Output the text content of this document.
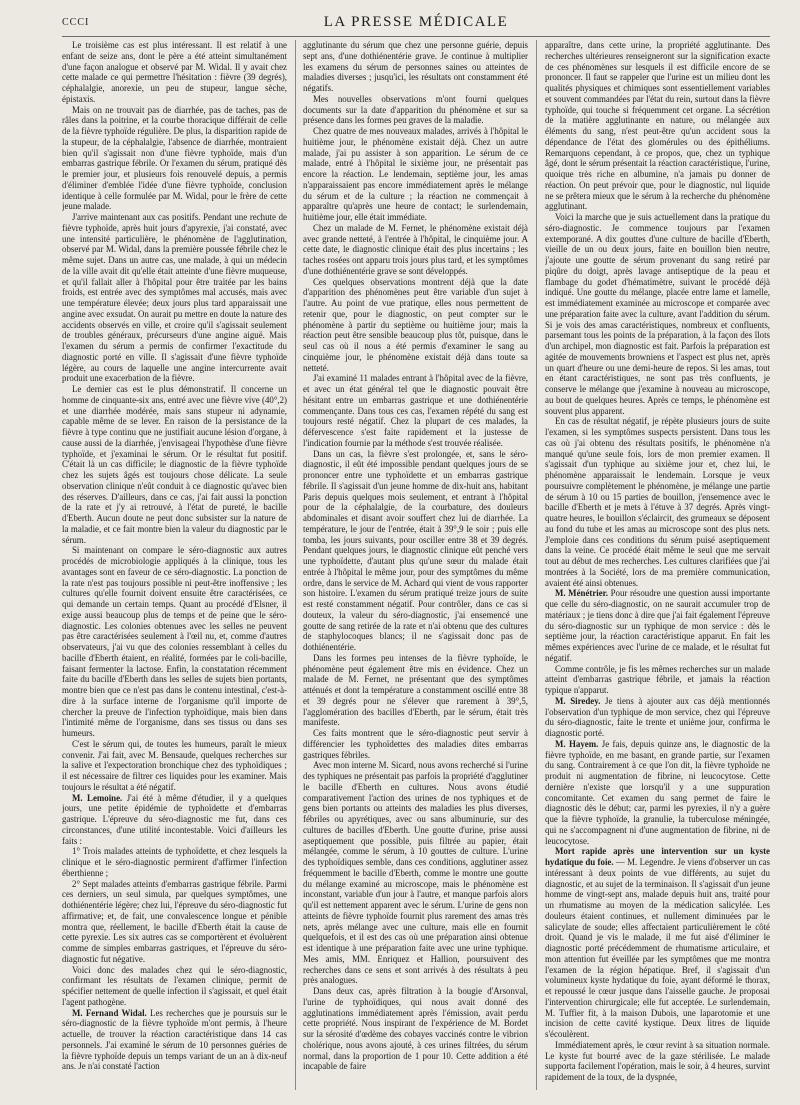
CCCI	LA PRESSE MÉDICALE

Le troisième cas est plus intéressant. Il est relatif à une enfant de seize ans, dont le père a été atteint simultanément d'une façon analogue et observé par M. Widal. Il y avait chez cette malade ce qui permettre l'hésitation : fièvre (39 degrés), céphalalgie, anorexie, un peu de stupeur, langue sèche, épistaxis.

Mais on ne trouvait pas de diarrhée, pas de taches, pas de râles dans la poitrine, et la courbe thoracique différait de celle de la fièvre typhoïde régulière. De plus, la disparition rapide de la stupeur, de la céphalalgie, l'absence de diarrhée, montraient bien qu'il s'agissait non d'une fièvre typhoïde, mais d'un embarras gastrique fébrile. Or l'examen du sérum, pratiqué dès le premier jour, et plusieurs fois renouvelé depuis, a permis d'éliminer d'emblée l'idée d'une fièvre typhoïde, conclusion identique à celle formulée par M. Widal, pour le frère de cette jeune malade.

J'arrive maintenant aux cas positifs. Pendant une rechute de fièvre typhoïde, après huit jours d'apyrexie, j'ai constaté, avec une intensité particulière, le phénomène de l'agglutination, observé par M. Widal, dans la première poussée fébrile chez le même sujet. Dans un autre cas, une malade, à qui un médecin de la ville avait dit qu'elle était atteinte d'une fièvre muqueuse, et qu'il fallait aller à l'hôpital pour être traitée par les bains froids, est entrée avec des symptômes mal accusés, mais avec une température élevée; deux jours plus tard apparaissait une angine avec exsudat. On aurait pu mettre en doute la nature des accidents observés en ville, et croire qu'il s'agissait seulement de troubles généraux, précurseurs d'une angine aiguë. Mais l'examen du sérum a permis de confirmer l'exactitude du diagnostic porté en ville. Il s'agissait d'une fièvre typhoïde légère, au cours de laquelle une angine intercurrente avait produit une exacerbation de la fièvre.

Le dernier cas est le plus démonstratif. Il concerne un homme de cinquante-six ans, entré avec une fièvre vive (40°,2) et une diarrhée modérée, mais sans stupeur ni adynamie, capable même de se lever. En raison de la persistance de la fièvre à type continu que ne justifiait aucune lésion d'organe, à cause aussi de la diarrhée, j'envisageai l'hypothèse d'une fièvre typhoïde, et j'examinai le sérum. Or le résultat fut positif. C'était là un cas difficile; le diagnostic de la fièvre typhoïde chez les sujets âgés est toujours chose délicate. La seule observation clinique n'eût conduit à ce diagnostic qu'avec bien des réserves. D'ailleurs, dans ce cas, j'ai fait aussi la ponction de la rate et j'y ai retrouvé, à l'état de pureté, le bacille d'Eberth. Aucun doute ne peut donc subsister sur la nature de la maladie, et ce fait montre bien la valeur du diagnostic par le sérum.

Si maintenant on compare le séro-diagnostic aux autres procédés de microbiologie appliqués à la clinique, tous les avantages sont en faveur de ce séro-diagnostic. La ponction de la rate n'est pas toujours possible ni peut-être inoffensive ; les cultures qu'elle fournit doivent ensuite être caractérisées, ce qui demande un certain temps. Quant au procédé d'Elsner, il exige aussi beaucoup plus de temps et de peine que le séro-diagnostic. Les colonies obtenues avec les selles ne peuvent pas être caractérisées seulement à l'œil nu, et, comme d'autres observateurs, j'ai vu que des colonies ressemblant à celles du bacille d'Eberth étaient, en réalité, formées par le coli-bacille, faisant fermenter la lactose. Enfin, la constatation récemment faite du bacille d'Eberth dans les selles de sujets bien portants, montre bien que ce n'est pas dans le contenu intestinal, c'est-à-dire à la surface interne de l'organisme qu'il importe de chercher la preuve de l'infection typhoïdique, mais bien dans l'intimité même de l'organisme, dans ses tissus ou dans ses humeurs.

C'est le sérum qui, de toutes les humeurs, paraît le mieux convenir. J'ai fait, avec M. Bensaude, quelques recherches sur la salive et l'expectoration bronchique chez des typhoïdiques ; il est nécessaire de filtrer ces liquides pour les examiner. Mais toujours le résultat a été négatif.

M. Lemoine. J'ai été à même d'étudier, il y a quelques jours, une petite épidémie de typhoïdette et d'embarras gastrique. L'épreuve du séro-diagnostic me fut, dans ces circonstances, d'une utilité incontestable. Voici d'ailleurs les faits :

1° Trois malades atteints de typhoïdette, et chez lesquels la clinique et le séro-diagnostic permirent d'affirmer l'infection éberthienne ;

2° Sept malades atteints d'embarras gastrique fébrile. Parmi ces derniers, un seul simula, par quelques symptômes, une dothiénentérie légère; chez lui, l'épreuve du séro-diagnostic fut affirmative; et, de fait, une convalescence longue et pénible montra que, réellement, le bacille d'Eberth était la cause de cette pyrexie. Les six autres cas se comportèrent et évoluèrent comme de simples embarras gastriques, et l'épreuve du séro-diagnostic fut négative.

Voici donc des malades chez qui le séro-diagnostic, confirmant les résultats de l'examen clinique, permit de spécifier nettement de quelle infection il s'agissait, et quel était l'agent pathogène.

M. Fernand Widal. Les recherches que je poursuis sur le séro-diagnostic de la fièvre typhoïde m'ont permis, à l'heure actuelle, de trouver la réaction caractéristique dans 14 cas personnels. J'ai examiné le sérum de 10 personnes guéries de la fièvre typhoïde depuis un temps variant de un an à dix-neuf ans. Je n'ai constaté l'action

agglutinante du sérum que chez une personne guérie, depuis sept ans, d'une dothiénentérie grave. Je continue à multiplier les examens du sérum de personnes saines ou atteintes de maladies diverses ; jusqu'ici, les résultats ont constamment été négatifs.

Mes nouvelles observations m'ont fourni quelques documents sur la date d'apparition du phénomène et sur sa présence dans les formes peu graves de la maladie.

Chez quatre de mes nouveaux malades, arrivés à l'hôpital le huitième jour, le phénomène existait déjà. Chez un autre malade, j'ai pu assister à son apparition. Le sérum de ce malade, entré à l'hôpital le sixième jour, ne présentait pas encore la réaction. Le lendemain, septième jour, les amas n'apparaissaient pas encore immédiatement après le mélange du sérum et de la culture ; la réaction ne commençait à apparaître qu'après une heure de contact; le surlendemain, huitième jour, elle était immédiate.

Chez un malade de M. Fernet, le phénomène existait déjà avec grande netteté, à l'entrée à l'hôpital, le cinquième jour. A cette date, le diagnostic clinique était des plus incertains ; les taches rosées ont apparu trois jours plus tard, et les symptômes d'une dothiénentérie grave se sont développés.

Ces quelques observations montrent déjà que la date d'apparition des phénomènes peut être variable d'un sujet à l'autre. Au point de vue pratique, elles nous permettent de retenir que, pour le diagnostic, on peut compter sur le phénomène à partir du septième ou huitième jour; mais la réaction peut être sensible beaucoup plus tôt, puisque, dans le seul cas où il nous a été permis d'examiner le sang au cinquième jour, le phénomène existait déjà dans toute sa netteté.

J'ai examiné 11 malades entrant à l'hôpital avec de la fièvre, et avec un état général tel que le diagnostic pouvait être hésitant entre un embarras gastrique et une dothiénentérie commençante. Dans tous ces cas, l'examen répété du sang est toujours resté négatif. Chez la plupart de ces malades, la défervescence s'est faite rapidement et la justesse de l'indication fournie par la méthode s'est trouvée réalisée.

Dans un cas, la fièvre s'est prolongée, et, sans le séro-diagnostic, il eût été impossible pendant quelques jours de se prononcer entre une typhoïdette et un embarras gastrique fébrile. Il s'agissait d'un jeune homme de dix-huit ans, habitant Paris depuis quelques mois seulement, et entrant à l'hôpital pour de la céphalalgie, de la courbature, des douleurs abdominales et disant avoir souffert chez lui de diarrhée. La température, le jour de l'entrée, était à 39°,9 le soir ; puis elle tomba, les jours suivants, pour osciller entre 38 et 39 degrés. Pendant quelques jours, le diagnostic clinique eût penché vers une typhoïdette, d'autant plus qu'une sœur du malade était entrée à l'hôpital le même jour, pour des symptômes du même ordre, dans le service de M. Achard qui vient de vous rapporter son histoire. L'examen du sérum pratiqué treize jours de suite est resté constamment négatif. Pour contrôler, dans ce cas si douteux, la valeur du séro-diagnostic, j'ai ensemencé une goutte de sang retirée de la rate et n'ai obtenu que des cultures de staphylocoques blancs; il ne s'agissait donc pas de dothiénentérie.

Dans les formes peu intenses de la fièvre typhoïde, le phénomène peut également être mis en évidence. Chez un malade de M. Fernet, ne présentant que des symptômes atténués et dont la température a constamment oscillé entre 38 et 39 degrés pour ne s'élever que rarement à 39°,5, l'agglomération des bacilles d'Eberth, par le sérum, était très manifeste.

Ces faits montrent que le séro-diagnostic peut servir à différencier les typhoïdettes des maladies dites embarras gastriques fébriles.

Avec mon interne M. Sicard, nous avons recherché si l'urine des typhiques ne présentait pas parfois la propriété d'agglutiner le bacille d'Eberth en cultures. Nous avons étudié comparativement l'action des urines de nos typhiques et de gens bien portants ou atteints des maladies les plus diverses, fébriles ou apyrétiques, avec ou sans albuminurie, sur des cultures de bacilles d'Eberth. Une goutte d'urine, prise aussi aseptiquement que possible, puis filtrée au papier, était mélangée, comme le sérum, à 10 gouttes de culture. L'urine des typhoïdiques semble, dans ces conditions, agglutiner assez fréquemment le bacille d'Eberth, comme le montre une goutte du mélange examiné au microscope, mais le phénomène est inconstant, variable d'un jour à l'autre, et manque parfois alors qu'il est nettement apparent avec le sérum. L'urine de gens non atteints de fièvre typhoïde fournit plus rarement des amas très nets, après mélange avec une culture, mais elle en fournit quelquefois, et il est des cas où une préparation ainsi obtenue est identique à une préparation faite avec une urine typhique. Mes amis, MM. Enriquez et Hallion, poursuivent des recherches dans ce sens et sont arrivés à des résultats à peu près analogues.

Dans deux cas, après filtration à la bougie d'Arsonval, l'urine de typhoïdiques, qui nous avait donné des agglutinations immédiatement après l'émission, avait perdu cette propriété. Nous inspirant de l'expérience de M. Bordet sur la sérosité d'œdème des cobayes vaccinés contre le vibrion cholérique, nous avons ajouté, à ces urines filtrées, du sérum normal, dans la proportion de 1 pour 10. Cette addition a été incapable de faire

apparaître, dans cette urine, la propriété agglutinante. Des recherches ultérieures renseigneront sur la signification exacte de ces phénomènes sur lesquels il est difficile encore de se prononcer. Il faut se rappeler que l'urine est un milieu dont les qualités physiques et chimiques sont essentiellement variables et souvent commandées par l'état du rein, surtout dans la fièvre typhoïde, qui touche si fréquemment cet organe. La sécrétion de la matière agglutinante en nature, ou mélangée aux éléments du sang, n'est peut-être qu'un accident sous la dépendance de l'état des glomérules ou des épithéliums. Remarquons cependant, à ce propos, que, chez un typhique âgé, dont le sérum présentait la réaction caractéristique, l'urine, quoique très riche en albumine, n'a jamais pu donner de réaction. On peut prévoir que, pour le diagnostic, nul liquide ne se prêtera mieux que le sérum à la recherche du phénomène agglutinant.

Voici la marche que je suis actuellement dans la pratique du séro-diagnostic. Je commence toujours par l'examen extemporané. A dix gouttes d'une culture de bacille d'Eberth, vieille de un ou deux jours, faite en bouillon bien neutre, j'ajoute une goutte de sérum provenant du sang retiré par piqûre du doigt, après lavage antiseptique de la peau et flambage du godet d'hématimètre, suivant le procédé déjà indiqué. Une goutte du mélange, placée entre lame et lamelle, est immédiatement examinée au microscope et comparée avec une préparation faite avec la culture, avant l'addition du sérum. Si je vois des amas caractéristiques, nombreux et confluents, parsemant tous les points de la préparation, à la façon des îlots d'un archipel, mon diagnostic est fait. Parfois la préparation est agitée de mouvements browniens et l'aspect est plus net, après un quart d'heure ou une demi-heure de repos. Si les amas, tout en étant caractéristiques, ne sont pas très confluents, je conserve le mélange que j'examine à nouveau au microscope, au bout de quelques heures. Après ce temps, le phénomène est souvent plus apparent.

En cas de résultat négatif, je répète plusieurs jours de suite l'examen, si les symptômes suspects persistent. Dans tous les cas où j'ai obtenu des résultats positifs, le phénomène n'a manqué qu'une seule fois, lors de mon premier examen. Il s'agissait d'un typhique au sixième jour et, chez lui, le phénomène apparaissait le lendemain. Lorsque je veux poursuivre complètement le phénomène, je mélange une partie de sérum à 10 ou 15 parties de bouillon, j'ensemence avec le bacille d'Eberth et je mets à l'étuve à 37 degrés. Après vingt-quatre heures, le bouillon s'éclaircit, des grumeaux se déposent au fond du tube et les amas au microscope sont des plus nets. J'emploie dans ces conditions du sérum puisé aseptiquement dans la veine. Ce procédé était même le seul que me servait tout au début de mes recherches. Les cultures clarifiées que j'ai montrées à la Société, lors de ma première communication, avaient été ainsi obtenues.

M. Ménétrier. Pour résoudre une question aussi importante que celle du séro-diagnostic, on ne saurait accumuler trop de matériaux ; je tiens donc à dire que j'ai fait également l'épreuve du séro-diagnostic sur un typhique de mon service : dès le septième jour, la réaction caractéristique apparut. En fait les mêmes expériences avec l'urine de ce malade, et le résultat fut négatif.

Comme contrôle, je fis les mêmes recherches sur un malade atteint d'embarras gastrique fébrile, et jamais la réaction typique n'apparut.

M. Siredey. Je tiens à ajouter aux cas déjà mentionnés l'observation d'un typhique de mon service, chez qui l'épreuve du séro-diagnostic, faite le trente et unième jour, confirma le diagnostic porté.

M. Hayem. Je fais, depuis quinze ans, le diagnostic de la fièvre typhoïde, en me basant, en grande partie, sur l'examen du sang. Contrairement à ce que l'on dit, la fièvre typhoïde ne produit ni augmentation de fibrine, ni leucocytose. Cette dernière n'existe que lorsqu'il y a une suppuration concomitante. Cet examen du sang permet de faire le diagnostic dès le début; car, parmi les pyrexies, il n'y a guère que la fièvre typhoïde, la granulie, la tuberculose méningée, qui ne s'accompagnent ni d'une augmentation de fibrine, ni de leucocytose.

Mort rapide après une intervention sur un kyste hydatique du foie. — M. Legendre. Je viens d'observer un cas intéressant à deux points de vue différents, au sujet du diagnostic, et au sujet de la terminaison. Il s'agissait d'un jeune homme de vingt-sept ans, malade depuis huit ans, traité pour un rhumatisme au moyen de la médication salicylée. Les douleurs étaient continues, et nullement diminuées par le salicylate de soude; elles affectaient particulièrement le côté droit. Quand je vis le malade, il me fut aisé d'éliminer le diagnostic porté précédemment de rhumatisme articulaire, et mon attention fut éveillée par les symptômes que me montra l'examen de la région hépatique. Bref, il s'agissait d'un volumineux kyste hydatique du foie, ayant déformé le thorax, et repoussé le cœur jusque dans l'aisselle gauche. Je proposai l'intervention chirurgicale; elle fut acceptée. Le surlendemain, M. Tuffier fit, à la maison Dubois, une laparotomie et une incision de cette cavité kystique. Deux litres de liquide s'écoulèrent.

Immédiatement après, le cœur revint à sa situation normale. Le kyste fut bourré avec de la gaze stérilisée. Le malade supporta facilement l'opération, mais le soir, à 4 heures, survint rapidement de la toux, de la dyspnée,
